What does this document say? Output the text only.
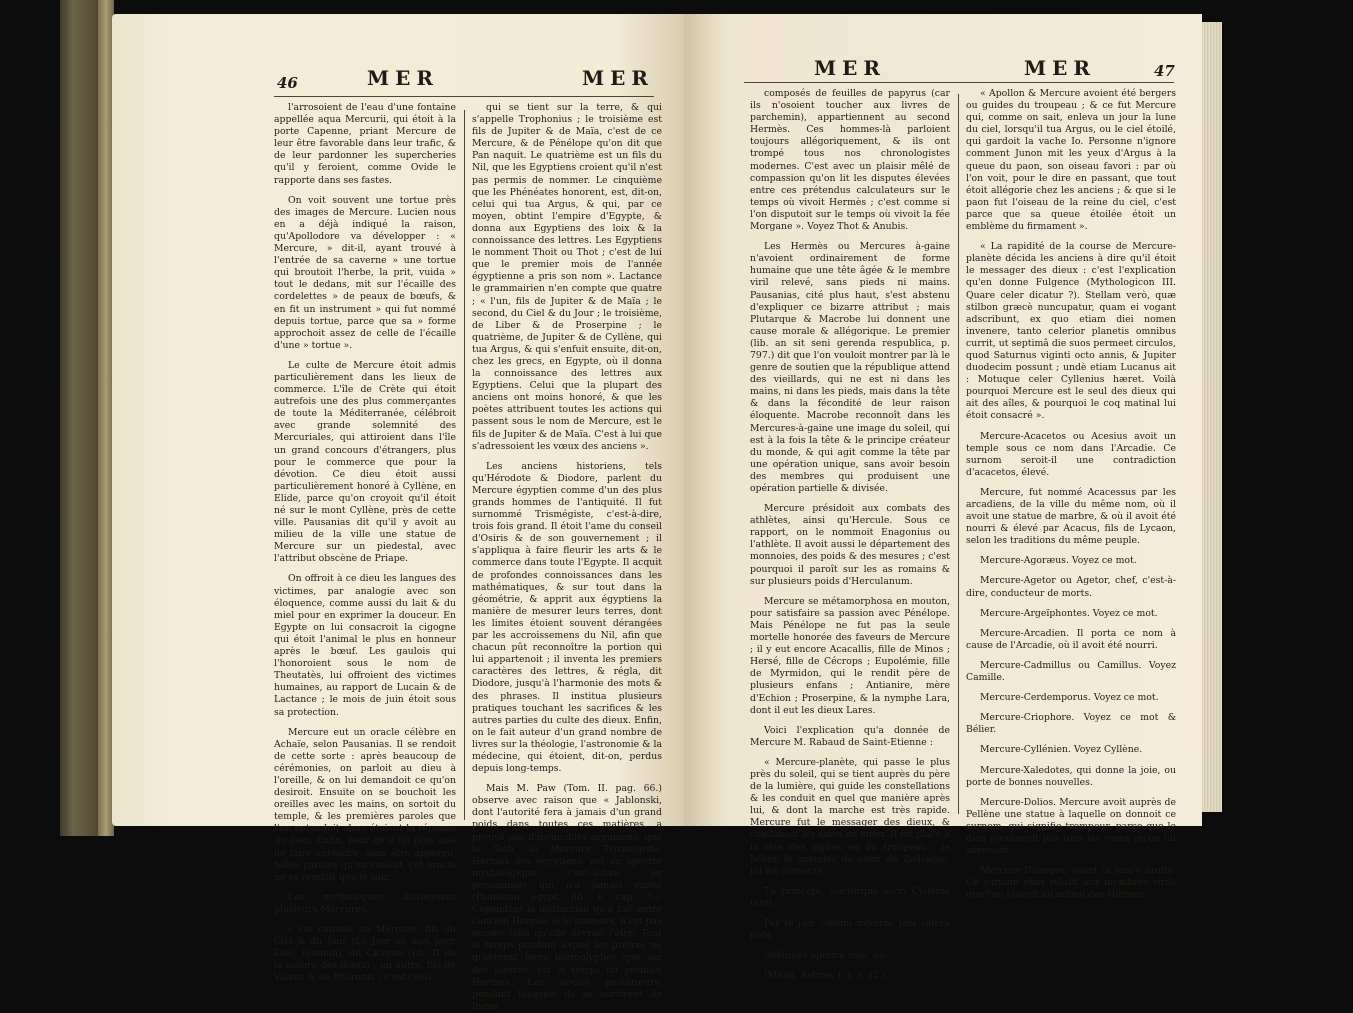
46	MER	MER

l'arrosoient de l'eau d'une fontaine appellée aqua Mercurii, qui étoit à la porte Capenne, priant Mercure de leur être favorable dans leur trafic, & de leur pardonner les supercheries qu'il y feroient, comme Ovide le rapporte dans ses fastes.

On voit souvent une tortue près des images de Mercure. Lucien nous en a déjà indiqué la raison, qu'Apollodore va développer : « Mercure, » dit-il, ayant trouvé à l'entrée de sa caverne » une tortue qui broutoit l'herbe, la prit, vuida » tout le dedans, mit sur l'écaille des cordelettes » de peaux de bœufs, & en fit un instrument » qui fut nommé depuis tortue, parce que sa » forme approchoit assez de celle de l'écaille d'une » tortue ».

Le culte de Mercure étoit admis particulièrement dans les lieux de commerce. L'île de Crète qui étoit autrefois une des plus commerçantes de toute la Méditerranée, célébroit avec grande solemnité des Mercuriales, qui attiroient dans l'île un grand concours d'étrangers, plus pour le commerce que pour la dévotion. Ce dieu étoit aussi particulièrement honoré à Cyllène, en Elide, parce qu'on croyoit qu'il étoit né sur le mont Cyllène, près de cette ville. Pausanias dit qu'il y avoit au milieu de la ville une statue de Mercure sur un piedestal, avec l'attribut obscène de Priape.

On offroit à ce dieu les langues des victimes, par analogie avec son éloquence, comme aussi du lait & du miel pour en exprimer la douceur. En Egypte on lui consacroit la cigogne qui étoit l'animal le plus en honneur après le bœuf. Les gaulois qui l'honoroient sous le nom de Theutatès, lui offroient des victimes humaines, au rapport de Lucain & de Lactance ; le mois de juin étoit sous sa protection.

Mercure eut un oracle célèbre en Achaïe, selon Pausanias. Il se rendoit de cette sorte : après beaucoup de cérémonies, on parloit au dieu à l'oreille, & on lui demandoit ce qu'on desiroit. Ensuite on se bouchoit les oreilles avec les mains, on sortoit du temple, & les premières paroles que l'on entendoit alors étoient la réponse du dieu. Enfin, pour qu'il fut plus aisé de faire entendre, sans être apperçu, telles paroles qu'on vouloit, cet oracle ne se rendoit que le soir.

Les mythologues distinguent plusieurs Mercures.

« On connoit un Mercure, fils du Ciel & du Jour (Le Jour se met pour Dies, féminin), dit Cicéron (Liv. II de la nature des dieux) ; un autre, fils de Valens & de Phoronis ; c'est celui

qui se tient sur la terre, & qui s'appelle Trophonius ; le troisième est fils de Jupiter & de Maïa, c'est de ce Mercure, & de Pénélope qu'on dit que Pan naquit. Le quatrième est un fils du Nil, que les Egyptiens croient qu'il n'est pas permis de nommer. Le cinquième que les Phénéates honorent, est, dit-on, celui qui tua Argus, & qui, par ce moyen, obtint l'empire d'Egypte, & donna aux Egyptiens des loix & la connoissance des lettres. Les Egyptiens le nomment Thoit ou Thot ; c'est de lui que le premier mois de l'année égyptienne a pris son nom ». Lactance le grammairien n'en compte que quatre ; « l'un, fils de Jupiter & de Maïa ; le second, du Ciel & du Jour ; le troisième, de Liber & de Proserpine ; le quatrième, de Jupiter & de Cyllène, qui tua Argus, & qui s'enfuit ensuite, dit-on, chez les grecs, en Egypte, où il donna la connoissance des lettres aux Egyptiens. Celui que la plupart des anciens ont moins honoré, & que les poètes attribuent toutes les actions qui passent sous le nom de Mercure, est le fils de Jupiter & de Maïa. C'est à lui que s'adressoient les vœux des anciens ».

Les anciens historiens, tels qu'Hérodote & Diodore, parlent du Mercure égyptien comme d'un des plus grands hommes de l'antiquité. Il fut surnommé Trismégiste, c'est-à-dire, trois fois grand. Il étoit l'ame du conseil d'Osiris & de son gouvernement ; il s'appliqua à faire fleurir les arts & le commerce dans toute l'Egypte. Il acquit de profondes connoissances dans les mathématiques, & sur tout dans la géométrie, & apprit aux égyptiens la manière de mesurer leurs terres, dont les limites étoient souvent dérangées par les accroissemens du Nil, afin que chacun pût reconnoître la portion qui lui appartenoit ; il inventa les premiers caractères des lettres, & régla, dit Diodore, jusqu'à l'harmonie des mots & des phrases. Il institua plusieurs pratiques touchant les sacrifices & les autres parties du culte des dieux. Enfin, on le fait auteur d'un grand nombre de livres sur la théologie, l'astronomie & la médecine, qui étoient, dit-on, perdus depuis long-temps.

Mais M. Paw (Tom. II. pag. 66.) observe avec raison que « Jablonski, dont l'autorité fera à jamais d'un grand poids dans toutes ces matières, a prouvé par d'invincibles argumens, que le Toth, le Mercure Trismégiste, Hermès des égyptiens, est un spectre mythologique, c'est-à-dire, un personnage qui n'a jamais existé (Pantheon egypt. lib. V. cap. 5.). Cependant la distinction qu'il fait entre l'ancien Hermès & le nouveau, n'est pas encore telle qu'elle devroit l'être. Tout le temps pendant lequel les prêtres ne gravèrent leurs hiéroglyphes que sur des pierres, est le temps du premier Hermès. Les siècles postérieurs, pendant lesquels ils se servirent de livres

MER	MER	47

composés de feuilles de papyrus (car ils n'osoient toucher aux livres de parchemin), appartiennent au second Hermès. Ces hommes-là parloient toujours allégoriquement, & ils ont trompé tous nos chronologistes modernes. C'est avec un plaisir mêlé de compassion qu'on lit les disputes élevées entre ces prétendus calculateurs sur le temps où vivoit Hermès ; c'est comme si l'on disputoit sur le temps où vivoit la fée Morgane ». Voyez Thot & Anubis.

Les Hermès ou Mercures à-gaine n'avoient ordinairement de forme humaine que une tête âgée & le membre viril relevé, sans pieds ni mains. Pausanias, cité plus haut, s'est abstenu d'expliquer ce bizarre attribut ; mais Plutarque & Macrobe lui donnent une cause morale & allégorique. Le premier (lib. an sit seni gerenda respublica, p. 797.) dit que l'on vouloit montrer par là le genre de soutien que la république attend des vieillards, qui ne est ni dans les mains, ni dans les pieds, mais dans la tête & dans la fécondité de leur raison éloquente. Macrobe reconnoît dans les Mercures-à-gaine une image du soleil, qui est à la fois la tête & le principe créateur du monde, & qui agit comme la tête par une opération unique, sans avoir besoin des membres qui produisent une opération partielle & divisée.

Mercure présidoit aux combats des athlètes, ainsi qu'Hercule. Sous ce rapport, on le nommoit Enagonius ou l'athlète. Il avoit aussi le département des monnoies, des poids & des mesures ; c'est pourquoi il paroît sur les as romains & sur plusieurs poids d'Herculanum.

Mercure se métamorphosa en mouton, pour satisfaire sa passion avec Pénélope. Mais Pénélope ne fut pas la seule mortelle honorée des faveurs de Mercure ; il y eut encore Acacallis, fille de Minos ; Hersé, fille de Cécrops ; Eupolémie, fille de Myrmidon, qui le rendit père de plusieurs enfans ; Antianire, mère d'Echion ; Proserpine, & la nymphe Lara, dont il eut les dieux Lares.

Voici l'explication qu'a donnée de Mercure M. Rabaud de Saint-Etienne :

« Mercure-planète, qui passe le plus près du soleil, qui se tient auprès du père de la lumière, qui guide les constellations & les conduit en quel que manière après lui, & dont la marche est très rapide. Mercure fut le messager des dieux, & conduisoit les ames en enfer. Il fut placé à la tête des signes ou du troupeau : le bélier, le premier de ceux du Zodiaque, lui fut consacré :

Tu princeps, auctorque sacri Cyllenie tanti,

Per te jam cœlum interris, jam sidera nota,

Sublimes aperire vias, &c.

(Manil. Astron. I. I. v. 32.)

« Apollon & Mercure avoient été bergers ou guides du troupeau ; & ce fut Mercure qui, comme on sait, enleva un jour la lune du ciel, lorsqu'il tua Argus, ou le ciel étoilé, qui gardoit la vache Io. Personne n'ignore comment Junon mit les yeux d'Argus à la queue du paon, son oiseau favori : par où l'on voit, pour le dire en passant, que tout étoit allégorie chez les anciens ; & que si le paon fut l'oiseau de la reine du ciel, c'est parce que sa queue étoilée étoit un emblème du firmament ».

« La rapidité de la course de Mercure-planète décida les anciens à dire qu'il étoit le messager des dieux : c'est l'explication qu'en donne Fulgence (Mythologicon III. Quare celer dicatur ?). Stellam verò, quæ stilbon græcè nuncupatur, quam ei vogant adscribunt, ex quo etiam diei nomen invenere, tanto celerior planetis omnibus currit, ut septimâ die suos permeet circulos, quod Saturnus viginti octo annis, & Jupiter duodecim possunt ; undè etiam Lucanus ait : Motuque celer Cyllenius hæret. Voilà pourquoi Mercure est le seul des dieux qui ait des aîles, & pourquoi le coq matinal lui étoit consacré ».

Mercure-Acacetos ou Acesius avoit un temple sous ce nom dans l'Arcadie. Ce surnom seroit-il une contradiction d'acacetos, élevé.

Mercure, fut nommé Acacessus par les arcadiens, de la ville du même nom, où il avoit une statue de marbre, & où il avoit été nourri & élevé par Acacus, fils de Lycaon, selon les traditions du même peuple.

Mercure-Agoræus. Voyez ce mot.

Mercure-Agetor ou Agetor, chef, c'est-à-dire, conducteur de morts.

Mercure-Argeïphontes. Voyez ce mot.

Mercure-Arcadien. Il porta ce nom à cause de l'Arcadie, où il avoit été nourri.

Mercure-Cadmillus ou Camillus. Voyez Camille.

Mercure-Cerdemporus. Voyez ce mot.

Mercure-Criophore. Voyez ce mot & Bélier.

Mercure-Cyllénien. Voyez Cyllène.

Mercure-Xaledotes, qui donne la joie, ou porte de bonnes nouvelles.

Mercure-Dolios. Mercure avoit auprès de Pellène une statue à laquelle on donnoit ce surnom, qui signifie trompeur, parce que le dieu n'exauçoit pas tous les vœux qu'on lui adressoit.

Mercure-Doliegos, ayant la lance droite. Ce surnom étoit relatif aux membres virils que l'on plaçoit au milieu des Hermès.
